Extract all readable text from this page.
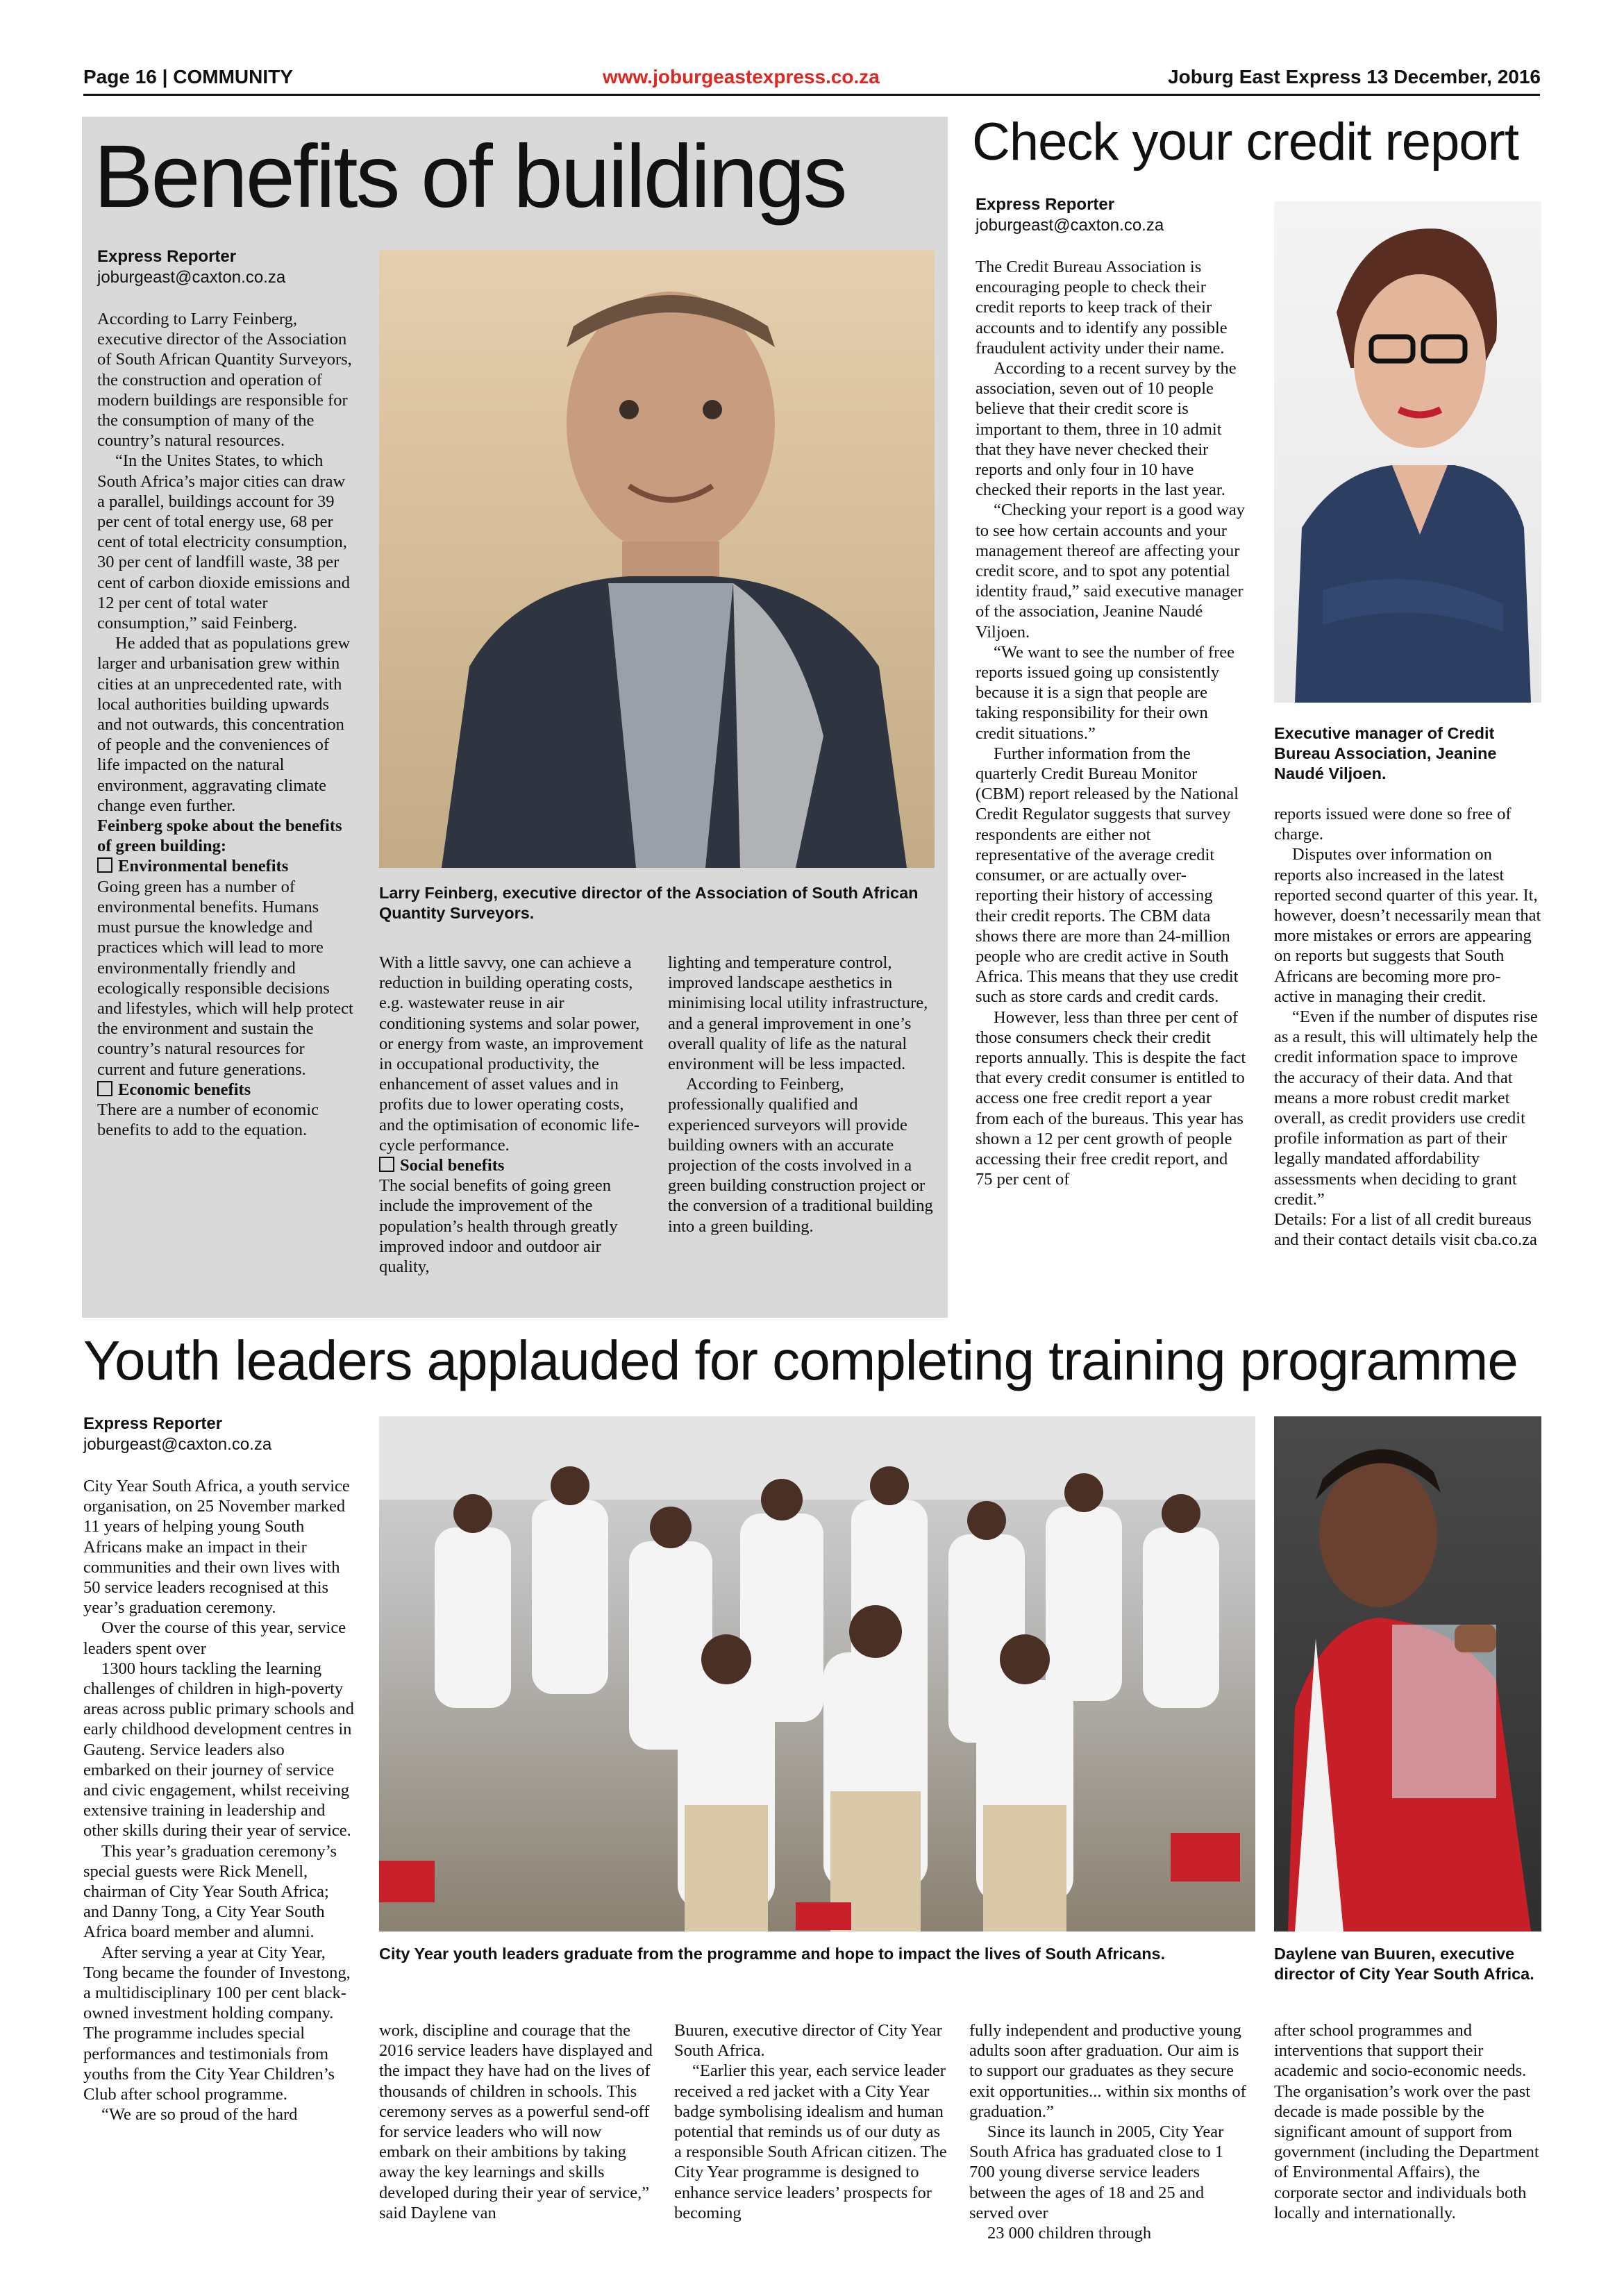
Page 16 | COMMUNITY	www.joburgeastexpress.co.za	Joburg East Express 13 December, 2016
Benefits of buildings
Express Reporter
joburgeast@caxton.co.za

According to Larry Feinberg, executive director of the Association of South African Quantity Surveyors, the construction and operation of modern buildings are responsible for the consumption of many of the country’s natural resources.

“In the Unites States, to which South Africa’s major cities can draw a parallel, buildings account for 39 per cent of total energy use, 68 per cent of total electricity consumption, 30 per cent of landfill waste, 38 per cent of carbon dioxide emissions and 12 per cent of total water consumption,” said Feinberg.

He added that as populations grew larger and urbanisation grew within cities at an unprecedented rate, with local authorities building upwards and not outwards, this concentration of people and the conveniences of life impacted on the natural environment, aggravating climate change even further.

Feinberg spoke about the benefits of green building:

Environmental benefits

Going green has a number of environmental benefits. Humans must pursue the knowledge and practices which will lead to more environmentally friendly and ecologically responsible decisions and lifestyles, which will help protect the environment and sustain the country’s natural resources for current and future generations.

Economic benefits

There are a number of economic benefits to add to the equation.

Larry Feinberg, executive director of the Association of South African Quantity Surveyors.

With a little savvy, one can achieve a reduction in building operating costs, e.g. wastewater reuse in air conditioning systems and solar power, or energy from waste, an improvement in occupational productivity, the enhancement of asset values and in profits due to lower operating costs, and the optimisation of economic life-cycle performance.

Social benefits

The social benefits of going green include the improvement of the population’s health through greatly improved indoor and outdoor air quality,

lighting and temperature control, improved landscape aesthetics in minimising local utility infrastructure, and a general improvement in one’s overall quality of life as the natural environment will be less impacted.

According to Feinberg, professionally qualified and experienced surveyors will provide building owners with an accurate projection of the costs involved in a green building construction project or the conversion of a traditional building into a green building.

Check your credit report
Express Reporter
joburgeast@caxton.co.za

The Credit Bureau Association is encouraging people to check their credit reports to keep track of their accounts and to identify any possible fraudulent activity under their name.

According to a recent survey by the association, seven out of 10 people believe that their credit score is important to them, three in 10 admit that they have never checked their reports and only four in 10 have checked their reports in the last year.

“Checking your report is a good way to see how certain accounts and your management thereof are affecting your credit score, and to spot any potential identity fraud,” said executive manager of the association, Jeanine Naudé Viljoen.

“We want to see the number of free reports issued going up consistently because it is a sign that people are taking responsibility for their own credit situations.”

Further information from the quarterly Credit Bureau Monitor (CBM) report released by the National Credit Regulator suggests that survey respondents are either not representative of the average credit consumer, or are actually over-reporting their history of accessing their credit reports. The CBM data shows there are more than 24-million people who are credit active in South Africa. This means that they use credit such as store cards and credit cards.

However, less than three per cent of those consumers check their credit reports annually. This is despite the fact that every credit consumer is entitled to access one free credit report a year from each of the bureaus. This year has shown a 12 per cent growth of people accessing their free credit report, and 75 per cent of

Executive manager of Credit Bureau Association, Jeanine Naudé Viljoen.

reports issued were done so free of charge.

Disputes over information on reports also increased in the latest reported second quarter of this year. It, however, doesn’t necessarily mean that more mistakes or errors are appearing on reports but suggests that South Africans are becoming more pro-active in managing their credit.

“Even if the number of disputes rise as a result, this will ultimately help the credit information space to improve the accuracy of their data. And that means a more robust credit market overall, as credit providers use credit profile information as part of their legally mandated affordability assessments when deciding to grant credit.”

Details: For a list of all credit bureaus and their contact details visit cba.co.za

Youth leaders applauded for completing training programme
Express Reporter
joburgeast@caxton.co.za

City Year South Africa, a youth service organisation, on 25 November marked 11 years of helping young South Africans make an impact in their communities and their own lives with 50 service leaders recognised at this year’s graduation ceremony.

Over the course of this year, service leaders spent over

1300 hours tackling the learning challenges of children in high-poverty areas across public primary schools and early childhood development centres in Gauteng. Service leaders also embarked on their journey of service and civic engagement, whilst receiving extensive training in leadership and other skills during their year of service.

This year’s graduation ceremony’s special guests were Rick Menell, chairman of City Year South Africa; and Danny Tong, a City Year South Africa board member and alumni.

After serving a year at City Year, Tong became the founder of Investong, a multidisciplinary 100 per cent black-owned investment holding company. The programme includes special performances and testimonials from youths from the City Year Children’s Club after school programme.

“We are so proud of the hard

City Year youth leaders graduate from the programme and hope to impact the lives of South Africans.	Daylene van Buuren, executive director of City Year South Africa.

work, discipline and courage that the 2016 service leaders have displayed and the impact they have had on the lives of thousands of children in schools. This ceremony serves as a powerful send-off for service leaders who will now embark on their ambitions by taking away the key learnings and skills developed during their year of service,” said Daylene van

Buuren, executive director of City Year South Africa.

“Earlier this year, each service leader received a red jacket with a City Year badge symbolising idealism and human potential that reminds us of our duty as a responsible South African citizen. The City Year programme is designed to enhance service leaders’ prospects for becoming

fully independent and productive young adults soon after graduation. Our aim is to support our graduates as they secure exit opportunities... within six months of graduation.”

Since its launch in 2005, City Year South Africa has graduated close to 1 700 young diverse service leaders between the ages of 18 and 25 and served over

23 000 children through

after school programmes and interventions that support their academic and socio-economic needs. The organisation’s work over the past decade is made possible by the significant amount of support from government (including the Department of Environmental Affairs), the corporate sector and individuals both locally and internationally.
